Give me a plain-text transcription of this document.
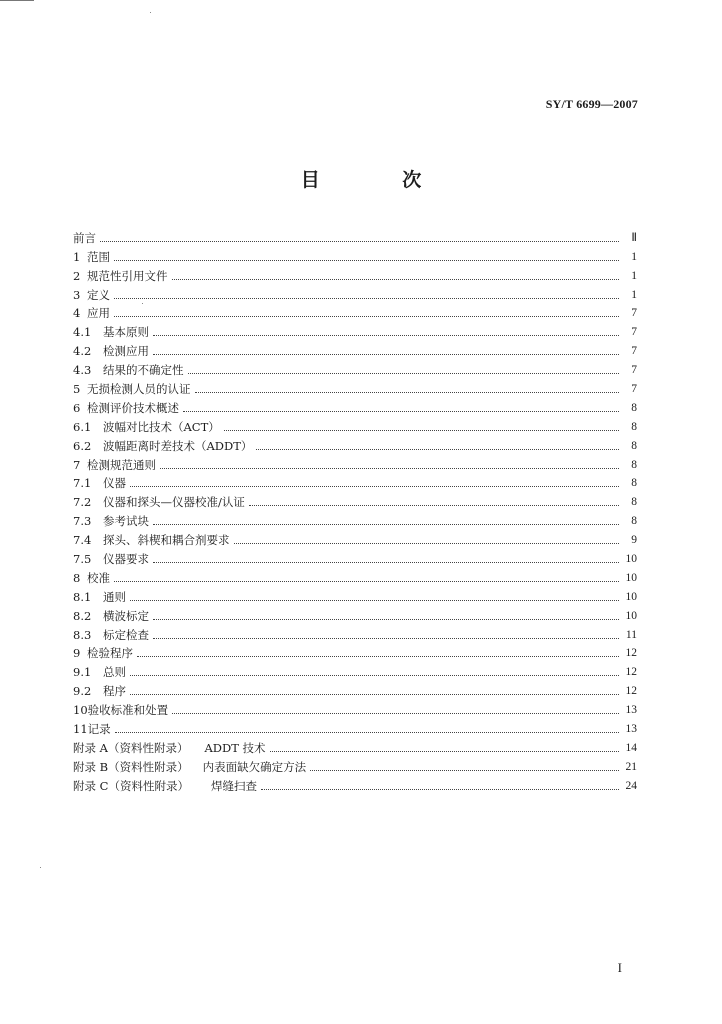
SY/T 6699—2007
目 次
前言	Ⅱ
1 范围	1
2 规范性引用文件	1
3 定义	1
4 应用	7
4.1	基本原则	7
4.2	检测应用	7
4.3	结果的不确定性	7
5 无损检测人员的认证	7
6 检测评价技术概述	8
6.1	波幅对比技术（ACT）	8
6.2	波幅距离时差技术（ADDT）	8
7 检测规范通则	8
7.1	仪器	8
7.2	仪器和探头—仪器校准/认证	8
7.3	参考试块	8
7.4	探头、斜楔和耦合剂要求	9
7.5	仪器要求	10
8 校准	10
8.1	通则	10
8.2	横波标定	10
8.3	标定检查	11
9 检验程序	12
9.1	总则	12
9.2	程序	12
10 验收标准和处置	13
11 记录	13
附录 A（资料性附录） ADDT 技术	14
附录 B（资料性附录） 内表面缺欠确定方法	21
附录 C（资料性附录） 焊缝扫查	24
I
